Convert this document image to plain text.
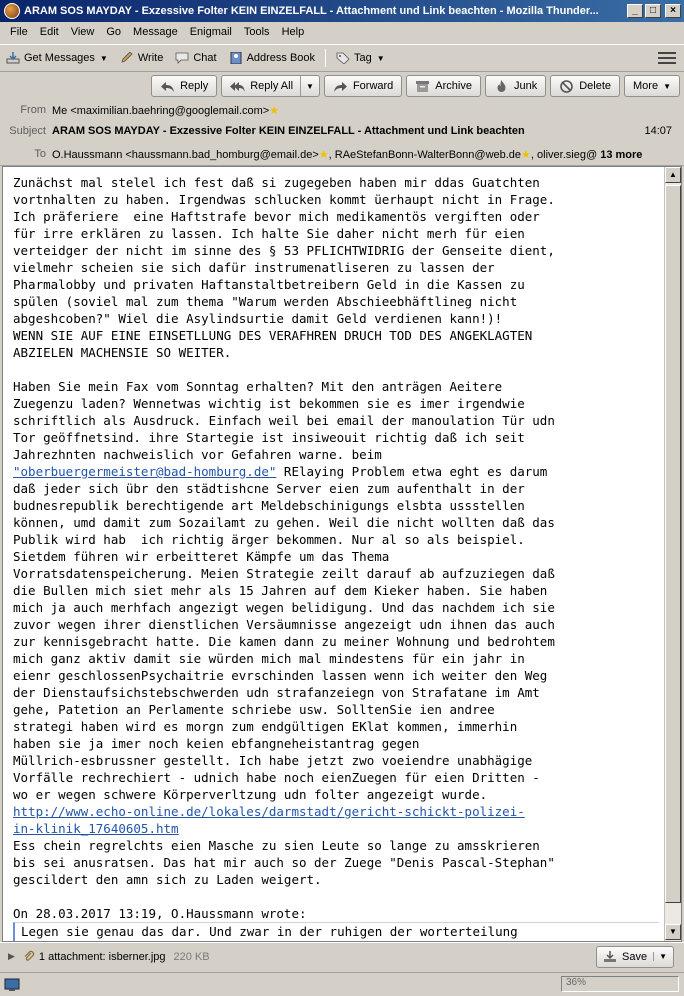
ARAM SOS MAYDAY - Exzessive Folter KEIN EINZELFALL - Attachment und Link beachten - Mozilla Thunder...	_	□	×
File	Edit	View	Go	Message	Enigmail	Tools	Help
Get Messages ▼	Write	Chat	Address Book	Tag ▼
Reply	Reply All	▼	Forward	Archive	Junk	Delete More ▼
From Me <maximilian.baehring@googlemail.com>★
Subject ARAM SOS MAYDAY - Exzessive Folter KEIN EINZELFALL - Attachment und Link beachten	14:07
To O.Haussmann <haussmann.bad_homburg@email.de>★, RAeStefanBonn-WalterBonn@web.de★, oliver.sieg@ 13 more
Zunächst mal stelel ich fest daß si zugegeben haben mir ddas Guatchten
vortnhalten zu haben. Irgendwas schlucken kommt üerhaupt nicht in Frage.
Ich präferiere  eine Haftstrafe bevor mich medikamentös vergiften oder
für irre erklären zu lassen. Ich halte Sie daher nicht merh für eien
verteidger der nicht im sinne des § 53 PFLICHTWIDRIG der Genseite dient,
vielmehr scheien sie sich dafür instrumenatliseren zu lassen der
Pharmalobby und privaten Haftanstaltbetreibern Geld in die Kassen zu
spülen (soviel mal zum thema "Warum werden Abschieebhäftlineg nicht
abgeshcoben?" Wiel die Asylindsurtie damit Geld verdienen kann!)!
WENN SIE AUF EINE EINSETLLUNG DES VERAFHREN DRUCH TOD DES ANGEKLAGTEN
ABZIELEN MACHENSIE SO WEITER.

Haben Sie mein Fax vom Sonntag erhalten? Mit den anträgen Aeitere
Zuegenzu laden? Wennetwas wichtig ist bekommen sie es imer irgendwie
schriftlich als Ausdruck. Einfach weil bei email der manoulation Tür udn
Tor geöffnetsind. ihre Startegie ist insiweouit richtig daß ich seit
Jahrezhnten nachweislich vor Gefahren warne. beim
"oberbuergermeister@bad-homburg.de" RElaying Problem etwa eght es darum
daß jeder sich übr den städtishcne Server eien zum aufenthalt in der
budnesrepublik berechtigende art Meldebschinigungs elsbta ussstellen
können, umd damit zum Sozailamt zu gehen. Weil die nicht wollten daß das
Publik wird hab  ich richtig ärger bekommen. Nur al so als beispiel.
Sietdem führen wir erbeitteret Kämpfe um das Thema
Vorratsdatenspeicherung. Meien Strategie zeilt darauf ab aufzuziegen daß
die Bullen mich siet mehr als 15 Jahren auf dem Kieker haben. Sie haben
mich ja auch merhfach angezigt wegen belidigung. Und das nachdem ich sie
zuvor wegen ihrer dienstlichen Versäumnisse angezeigt udn ihnen das auch
zur kennisgebracht hatte. Die kamen dann zu meiner Wohnung und bedrohtem
mich ganz aktiv damit sie würden mich mal mindestens für ein jahr in
eienr geschlossenPsychaitrie evrschinden lassen wenn ich weiter den Weg
der Dienstaufsichstebschwerden udn strafanzeiegn von Strafatane im Amt
gehe, Patetion an Perlamente schriebe usw. SolltenSie ien andree
strategi haben wird es morgn zum endgültigen EKlat kommen, immerhin
haben sie ja imer noch keien ebfangneheistantrag gegen
Müllrich-esbrussner gestellt. Ich habe jetzt zwo voeiendre unabhägige
Vorfälle rechrechiert - udnich habe noch eienZuegen für eien Dritten -
wo er wegen schwere Körperverltzung udn folter angezeigt wurde.
http://www.echo-online.de/lokales/darmstadt/gericht-schickt-polizei-
in-klinik_17640605.htm
Ess chein regrelchts eien Masche zu sien Leute so lange zu amsskrieren
bis sei anusratsen. Das hat mir auch so der Zuege "Denis Pascal-Stephan"
gescildert den amn sich zu Laden weigert.

On 28.03.2017 13:19, O.Haussmann wrote:
Legen sie genau das dar. Und zwar in der ruhigen der worterteilung
▲
▼
▶ 1 attachment: isberner.jpg 220 KB	Save	▼
36%
